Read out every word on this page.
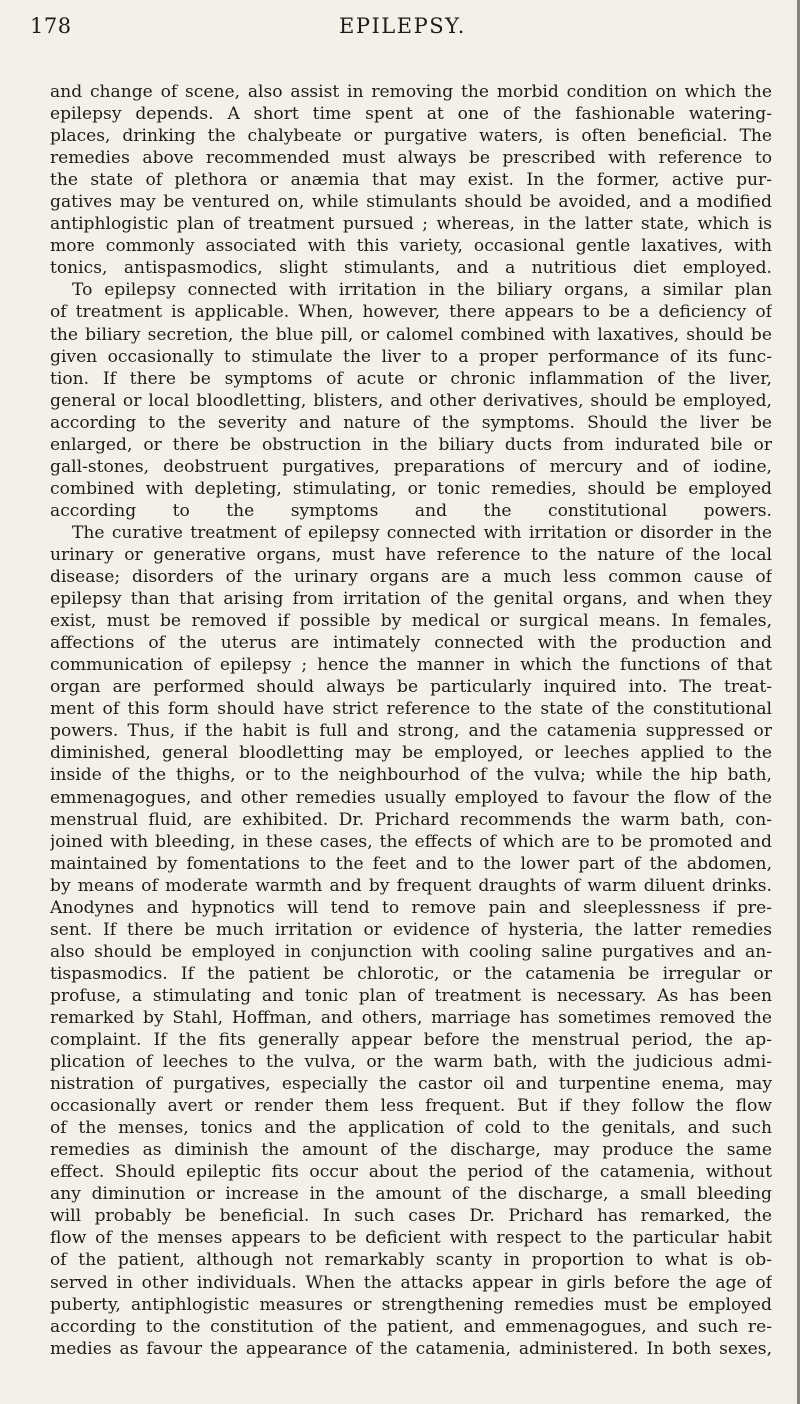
178	EPILEPSY.
and change of scene, also assist in removing the morbid condition on which the
epilepsy depends. A short time spent at one of the fashionable watering-
places, drinking the chalybeate or purgative waters, is often beneficial. The
remedies above recommended must always be prescribed with reference to
the state of plethora or anæmia that may exist. In the former, active pur-
gatives may be ventured on, while stimulants should be avoided, and a modified
antiphlogistic plan of treatment pursued ; whereas, in the latter state, which is
more commonly associated with this variety, occasional gentle laxatives, with
tonics, antispasmodics, slight stimulants, and a nutritious diet employed.
To epilepsy connected with irritation in the biliary organs, a similar plan
of treatment is applicable. When, however, there appears to be a deficiency of
the biliary secretion, the blue pill, or calomel combined with laxatives, should be
given occasionally to stimulate the liver to a proper performance of its func-
tion. If there be symptoms of acute or chronic inflammation of the liver,
general or local bloodletting, blisters, and other derivatives, should be employed,
according to the severity and nature of the symptoms. Should the liver be
enlarged, or there be obstruction in the biliary ducts from indurated bile or
gall-stones, deobstruent purgatives, preparations of mercury and of iodine,
combined with depleting, stimulating, or tonic remedies, should be employed
according to the symptoms and the constitutional powers.
The curative treatment of epilepsy connected with irritation or disorder in the
urinary or generative organs, must have reference to the nature of the local
disease; disorders of the urinary organs are a much less common cause of
epilepsy than that arising from irritation of the genital organs, and when they
exist, must be removed if possible by medical or surgical means. In females,
affections of the uterus are intimately connected with the production and
communication of epilepsy ; hence the manner in which the functions of that
organ are performed should always be particularly inquired into. The treat-
ment of this form should have strict reference to the state of the constitutional
powers. Thus, if the habit is full and strong, and the catamenia suppressed or
diminished, general bloodletting may be employed, or leeches applied to the
inside of the thighs, or to the neighbourhod of the vulva; while the hip bath,
emmenagogues, and other remedies usually employed to favour the flow of the
menstrual fluid, are exhibited. Dr. Prichard recommends the warm bath, con-
joined with bleeding, in these cases, the effects of which are to be promoted and
maintained by fomentations to the feet and to the lower part of the abdomen,
by means of moderate warmth and by frequent draughts of warm diluent drinks.
Anodynes and hypnotics will tend to remove pain and sleeplessness if pre-
sent. If there be much irritation or evidence of hysteria, the latter remedies
also should be employed in conjunction with cooling saline purgatives and an-
tispasmodics. If the patient be chlorotic, or the catamenia be irregular or
profuse, a stimulating and tonic plan of treatment is necessary. As has been
remarked by Stahl, Hoffman, and others, marriage has sometimes removed the
complaint. If the fits generally appear before the menstrual period, the ap-
plication of leeches to the vulva, or the warm bath, with the judicious admi-
nistration of purgatives, especially the castor oil and turpentine enema, may
occasionally avert or render them less frequent. But if they follow the flow
of the menses, tonics and the application of cold to the genitals, and such
remedies as diminish the amount of the discharge, may produce the same
effect. Should epileptic fits occur about the period of the catamenia, without
any diminution or increase in the amount of the discharge, a small bleeding
will probably be beneficial. In such cases Dr. Prichard has remarked, the
flow of the menses appears to be deficient with respect to the particular habit
of the patient, although not remarkably scanty in proportion to what is ob-
served in other individuals. When the attacks appear in girls before the age of
puberty, antiphlogistic measures or strengthening remedies must be employed
according to the constitution of the patient, and emmenagogues, and such re-
medies as favour the appearance of the catamenia, administered. In both sexes,
